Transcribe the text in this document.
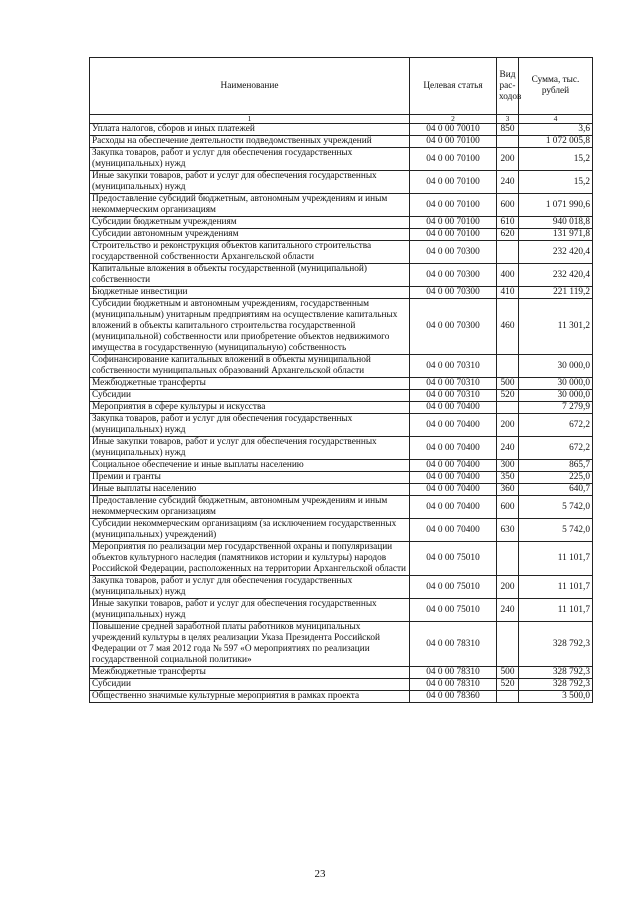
Наименование	Целевая статья	Вид рас-ходов	Сумма, тыс. рублей
1	2	3	4
Уплата налогов, сборов и иных платежей	04 0 00 70010	850	3,6
Расходы на обеспечение деятельности подведомственных учреждений	04 0 00 70100		1 072 005,8
Закупка товаров, работ и услуг для обеспечения государственных (муниципальных) нужд	04 0 00 70100	200	15,2
Иные закупки товаров, работ и услуг для обеспечения государственных (муниципальных) нужд	04 0 00 70100	240	15,2
Предоставление субсидий бюджетным, автономным учреждениям и иным некоммерческим организациям	04 0 00 70100	600	1 071 990,6
Субсидии бюджетным учреждениям	04 0 00 70100	610	940 018,8
Субсидии автономным учреждениям	04 0 00 70100	620	131 971,8
Строительство и реконструкция объектов капитального строительства государственной собственности Архангельской области	04 0 00 70300		232 420,4
Капитальные вложения в объекты государственной (муниципальной) собственности	04 0 00 70300	400	232 420,4
Бюджетные инвестиции	04 0 00 70300	410	221 119,2
Субсидии бюджетным и автономным учреждениям, государственным (муниципальным) унитарным предприятиям на осуществление капитальных вложений в объекты капитального строительства государственной (муниципальной) собственности или приобретение объектов недвижимого имущества в государственную (муниципальную) собственность	04 0 00 70300	460	11 301,2
Софинансирование капитальных вложений в объекты муниципальной собственности муниципальных образований Архангельской области	04 0 00 70310		30 000,0
Межбюджетные трансферты	04 0 00 70310	500	30 000,0
Субсидии	04 0 00 70310	520	30 000,0
Мероприятия в сфере культуры и искусства	04 0 00 70400		7 279,9
Закупка товаров, работ и услуг для обеспечения государственных (муниципальных) нужд	04 0 00 70400	200	672,2
Иные закупки товаров, работ и услуг для обеспечения государственных (муниципальных) нужд	04 0 00 70400	240	672,2
Социальное обеспечение и иные выплаты населению	04 0 00 70400	300	865,7
Премии и гранты	04 0 00 70400	350	225,0
Иные выплаты населению	04 0 00 70400	360	640,7
Предоставление субсидий бюджетным, автономным учреждениям и иным некоммерческим организациям	04 0 00 70400	600	5 742,0
Субсидии некоммерческим организациям (за исключением государственных (муниципальных) учреждений)	04 0 00 70400	630	5 742,0
Мероприятия по реализации мер государственной охраны и популяризации объектов культурного наследия (памятников истории и культуры) народов Российской Федерации, расположенных на территории Архангельской области	04 0 00 75010		11 101,7
Закупка товаров, работ и услуг для обеспечения государственных (муниципальных) нужд	04 0 00 75010	200	11 101,7
Иные закупки товаров, работ и услуг для обеспечения государственных (муниципальных) нужд	04 0 00 75010	240	11 101,7
Повышение средней заработной платы работников муниципальных учреждений культуры в целях реализации Указа Президента Российской Федерации от 7 мая 2012 года № 597 «О мероприятиях по реализации государственной социальной политики»	04 0 00 78310		328 792,3
Межбюджетные трансферты	04 0 00 78310	500	328 792,3
Субсидии	04 0 00 78310	520	328 792,3
Общественно значимые культурные мероприятия в рамках проекта	04 0 00 78360		3 500,0
23
